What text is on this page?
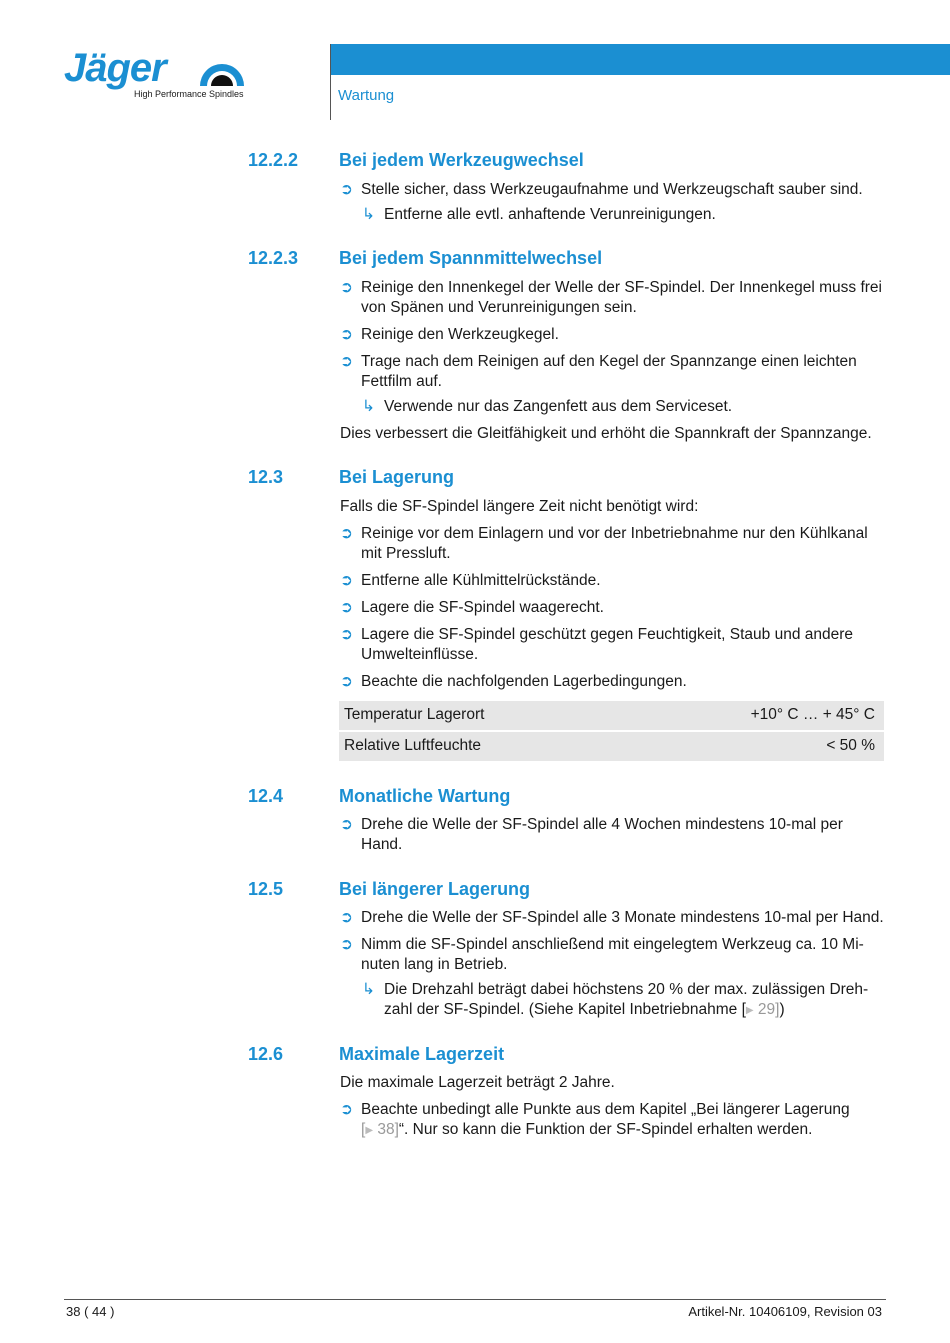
Jäger
High Performance Spindles	Wartung
12.2.2 Bei jedem Werkzeugwechsel
➲ Stelle sicher, dass Werkzeugaufnahme und Werkzeugschaft sauber sind.
↳ Entferne alle evtl. anhaftende Verunreinigungen.
12.2.3 Bei jedem Spannmittelwechsel
➲ Reinige den Innenkegel der Welle der SF-Spindel. Der Innenkegel muss frei
von Spänen und Verunreinigungen sein.
➲ Reinige den Werkzeugkegel.
➲ Trage nach dem Reinigen auf den Kegel der Spannzange einen leichten
Fettfilm auf.
↳ Verwende nur das Zangenfett aus dem Serviceset.
Dies verbessert die Gleitfähigkeit und erhöht die Spannkraft der Spannzange.
12.3	Bei Lagerung
Falls die SF-Spindel längere Zeit nicht benötigt wird:
➲ Reinige vor dem Einlagern und vor der Inbetriebnahme nur den Kühlkanal
mit Pressluft.
➲ Entferne alle Kühlmittelrückstände.
➲ Lagere die SF-Spindel waagerecht.
➲ Lagere die SF-Spindel geschützt gegen Feuchtigkeit, Staub und andere
Umwelteinflüsse.
➲ Beachte die nachfolgenden Lagerbedingungen.
Temperatur Lagerort	+10° C … + 45° C
Relative Luftfeuchte	< 50 %
12.4	Monatliche Wartung
➲ Drehe die Welle der SF-Spindel alle 4 Wochen mindestens 10-mal per
Hand.
12.5	Bei längerer Lagerung
➲ Drehe die Welle der SF-Spindel alle 3 Monate mindestens 10-mal per Hand.
➲ Nimm die SF-Spindel anschließend mit eingelegtem Werkzeug ca. 10 Mi-
nuten lang in Betrieb.
↳ Die Drehzahl beträgt dabei höchstens 20 % der max. zulässigen Dreh-
zahl der SF-Spindel. (Siehe Kapitel Inbetriebnahme [▶ 29])
12.6	Maximale Lagerzeit
Die maximale Lagerzeit beträgt 2 Jahre.
➲ Beachte unbedingt alle Punkte aus dem Kapitel „Bei längerer Lagerung
[▶ 38]“. Nur so kann die Funktion der SF-Spindel erhalten werden.
38 ( 44 )	Artikel-Nr. 10406109, Revision 03
